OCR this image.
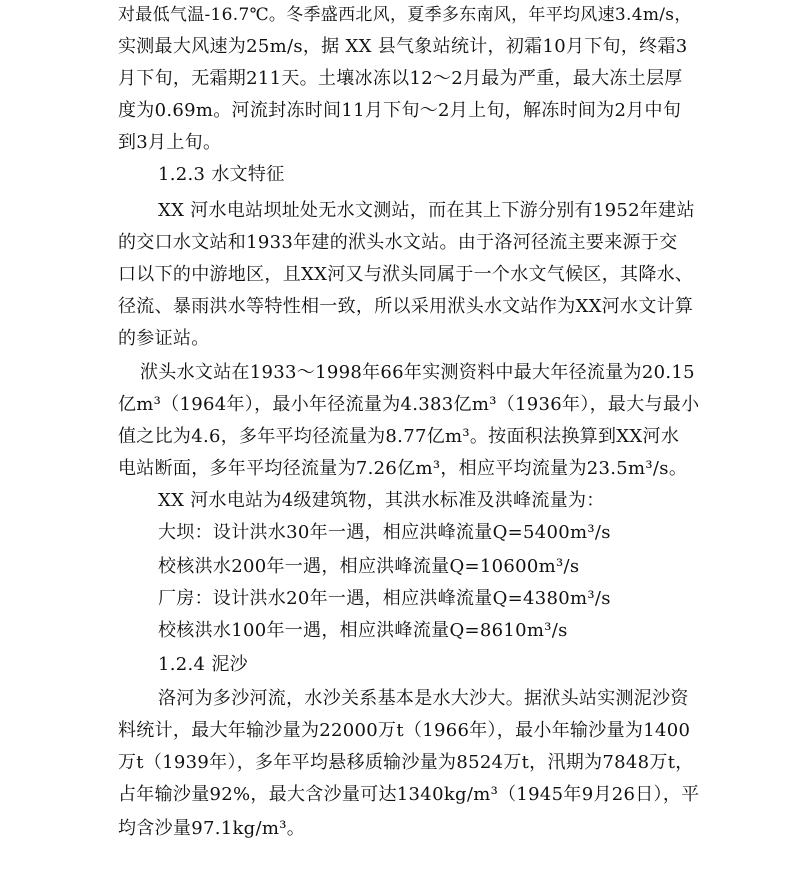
对最低气温-16.7℃。冬季盛西北风，夏季多东南风，年平均风速3.4m/s，
实测最大风速为25m/s，据 XX 县气象站统计，初霜10月下旬，终霜3
月下旬，无霜期211天。土壤冰冻以12～2月最为严重，最大冻土层厚
度为0.69m。河流封冻时间11月下旬～2月上旬，解冻时间为2月中旬
到3月上旬。
1.2.3 水文特征
XX 河水电站坝址处无水文测站，而在其上下游分别有1952年建站
的交口水文站和1933年建的洑头水文站。由于洛河径流主要来源于交
口以下的中游地区，且XX河又与洑头同属于一个水文气候区，其降水、
径流、暴雨洪水等特性相一致，所以采用洑头水文站作为XX河水文计算
的参证站。
洑头水文站在1933～1998年66年实测资料中最大年径流量为20.15
亿m³（1964年），最小年径流量为4.383亿m³（1936年），最大与最小
值之比为4.6，多年平均径流量为8.77亿m³。按面积法换算到XX河水
电站断面，多年平均径流量为7.26亿m³，相应平均流量为23.5m³/s。
XX 河水电站为4级建筑物，其洪水标准及洪峰流量为：
大坝：设计洪水30年一遇，相应洪峰流量Q=5400m³/s
校核洪水200年一遇，相应洪峰流量Q=10600m³/s
厂房：设计洪水20年一遇，相应洪峰流量Q=4380m³/s
校核洪水100年一遇，相应洪峰流量Q=8610m³/s
1.2.4 泥沙
洛河为多沙河流，水沙关系基本是水大沙大。据洑头站实测泥沙资
料统计，最大年输沙量为22000万t（1966年），最小年输沙量为1400
万t（1939年），多年平均悬移质输沙量为8524万t，汛期为7848万t，
占年输沙量92%，最大含沙量可达1340kg/m³（1945年9月26日），平
均含沙量97.1kg/m³。
